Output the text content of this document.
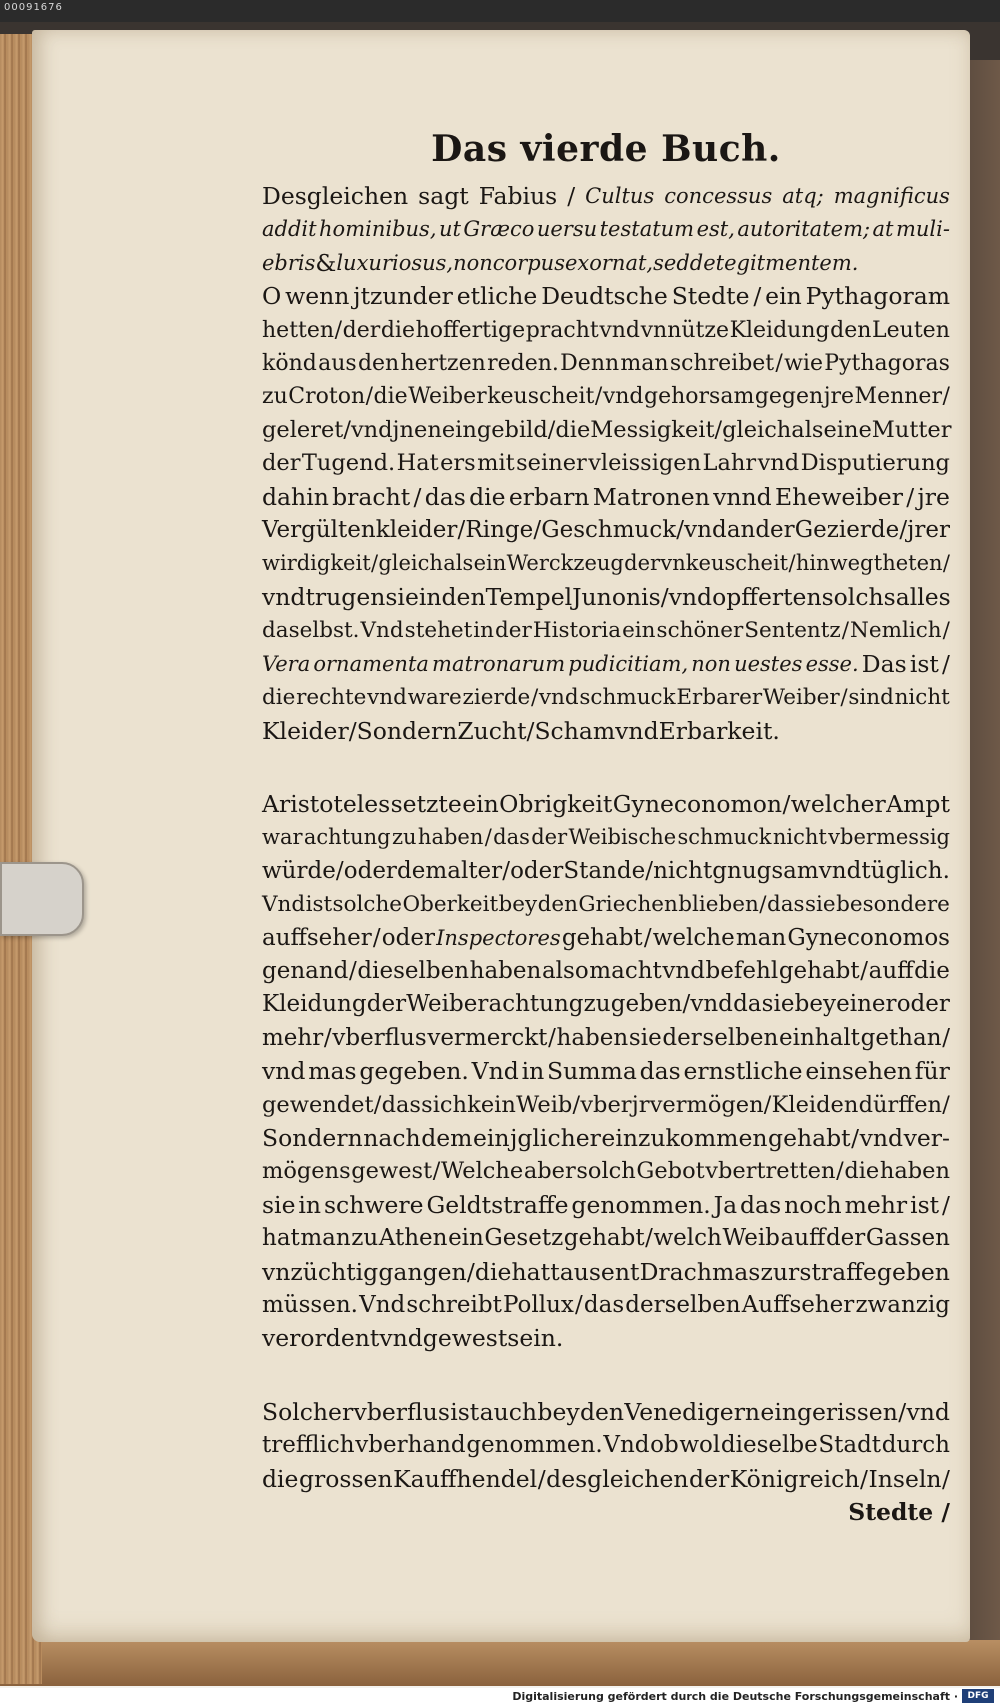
00091676
Das vierde Buch.
Desgleichen sagt Fabius / Cultus concessus atq; magnificus
addit hominibus, ut Græco uersu testatum est, autoritatem; at muli-
ebris & luxuriosus, non corpus exornat, sed detegit mentem.
O wenn jtzunder etliche Deudtsche Stedte / ein Pythagoram
hetten / der die hoffertige pracht vnd vnnütze Kleidung den Leuten
könd aus den hertzen reden. Denn man schreibet / wie Pythagoras
zu Croton / die Weiber keuscheit / vnd gehorsam gegen jre Menner /
geleret / vnd jnen eingebild / die Messigkeit / gleich als eine Mutter
der Tugend. Hat ers mit seiner vleissigen Lahr vnd Disputierung
dahin bracht / das die erbarn Matronen vnnd Eheweiber / jre
Vergülten kleider / Ringe / Geschmuck / vnd ander Gezierde / jrer
wirdigkeit / gleich als ein Werckzeug der vnkeuscheit / hinweg theten /
vnd trugen sie in den Tempel Junonis / vnd opfferten solchs alles
daselbst. Vnd stehet in der Historia ein schöner Sententz / Nemlich /
Vera ornamenta matronarum pudicitiam, non uestes esse. Das ist /
die rechte vnd ware zierde / vnd schmuck Erbarer Weiber / sind nicht
Kleider / Sondern Zucht / Scham vnd Erbarkeit.
Aristoteles setzte ein Obrigkeit Gyneconomon / welcher Ampt
war achtung zu haben / das der Weibische schmuck nicht vbermessig
würde / oder dem alter / oder Stande / nicht gnugsam vnd tüglich.
Vnd ist solche Oberkeit bey den Griechen blieben / das sie besondere
auffseher / oder Inspectores gehabt / welche man Gyneconomos
genand / dieselben haben also macht vnd befehl gehabt / auff die
Kleidung der Weiber achtung zu geben / vnd da sie bey einer oder
mehr / vberflus vermerckt / haben sie der selben einhalt gethan /
vnd mas gegeben. Vnd in Summa das ernstliche einsehen für
gewendet / das sich kein Weib / vber jr vermögen / Kleiden dürffen /
Sondern nach dem ein jglicher einzukommen gehabt / vnd ver-
mögens gewest / Welche aber solch Gebot vbertretten / die haben
sie in schwere Geldtstraffe genommen. Ja das noch mehr ist /
hat man zu Athen ein Gesetz gehabt / welch Weib auff der Gassen
vnzüchtig gangen / die hat tausent Drachmas zur straffe geben
müssen. Vnd schreibt Pollux / das derselben Auffseher zwanzig
verordent vnd gewest sein.
Solcher vberflus ist auch bey den Venedigern eingerissen / vnd
trefflich vberhand genommen. Vnd ob wol dieselbe Stadt durch
die grossen Kauffhendel / desgleichen der Königreich / Inseln /
Stedte /
Digitalisierung gefördert durch die Deutsche Forschungsgemeinschaft ·	DFG
